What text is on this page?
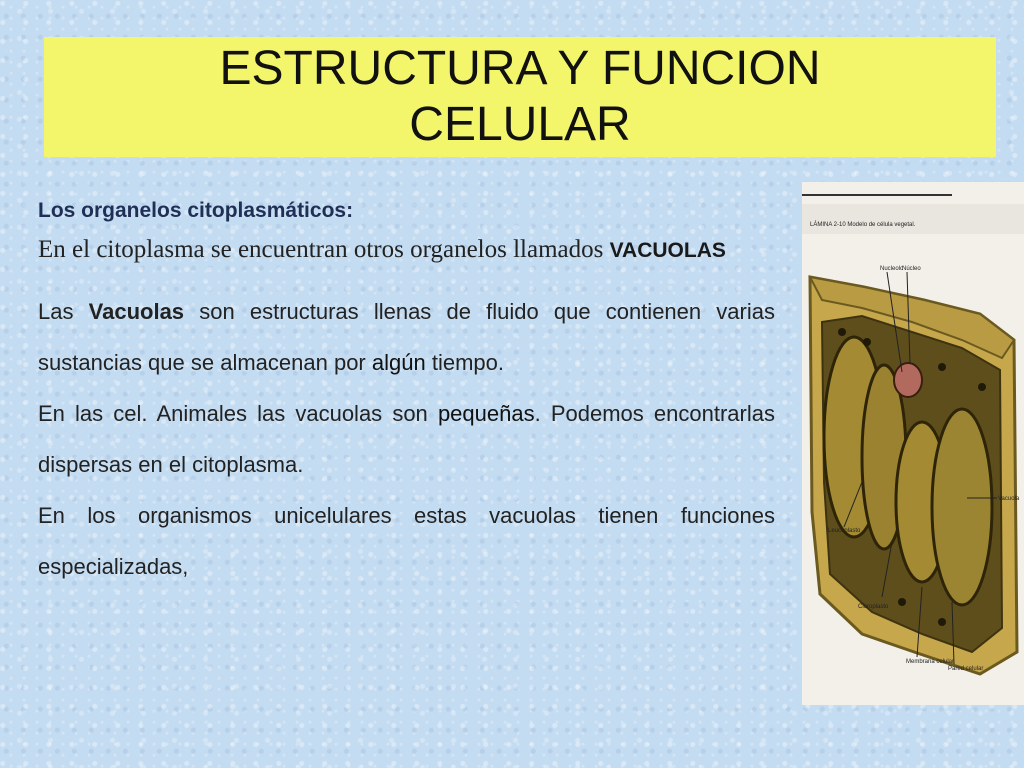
ESTRUCTURA Y FUNCION
CELULAR

Los organelos citoplasmáticos:

En el citoplasma se encuentran otros organelos llamados VACUOLAS

Las Vacuolas son estructuras llenas de fluido que contienen varias sustancias que se almacenan por algún tiempo.
En las cel. Animales las vacuolas son pequeñas. Podemos encontrarlas dispersas en el citoplasma.
En los organismos unicelulares estas vacuolas tienen funciones especializadas,

LÁMINA 2-10 Modelo de célula vegetal.
Nucleolo
Núcleo
Vacuola
Leucoplasto
Cloroplasto
Membrana celular
Pared celular
